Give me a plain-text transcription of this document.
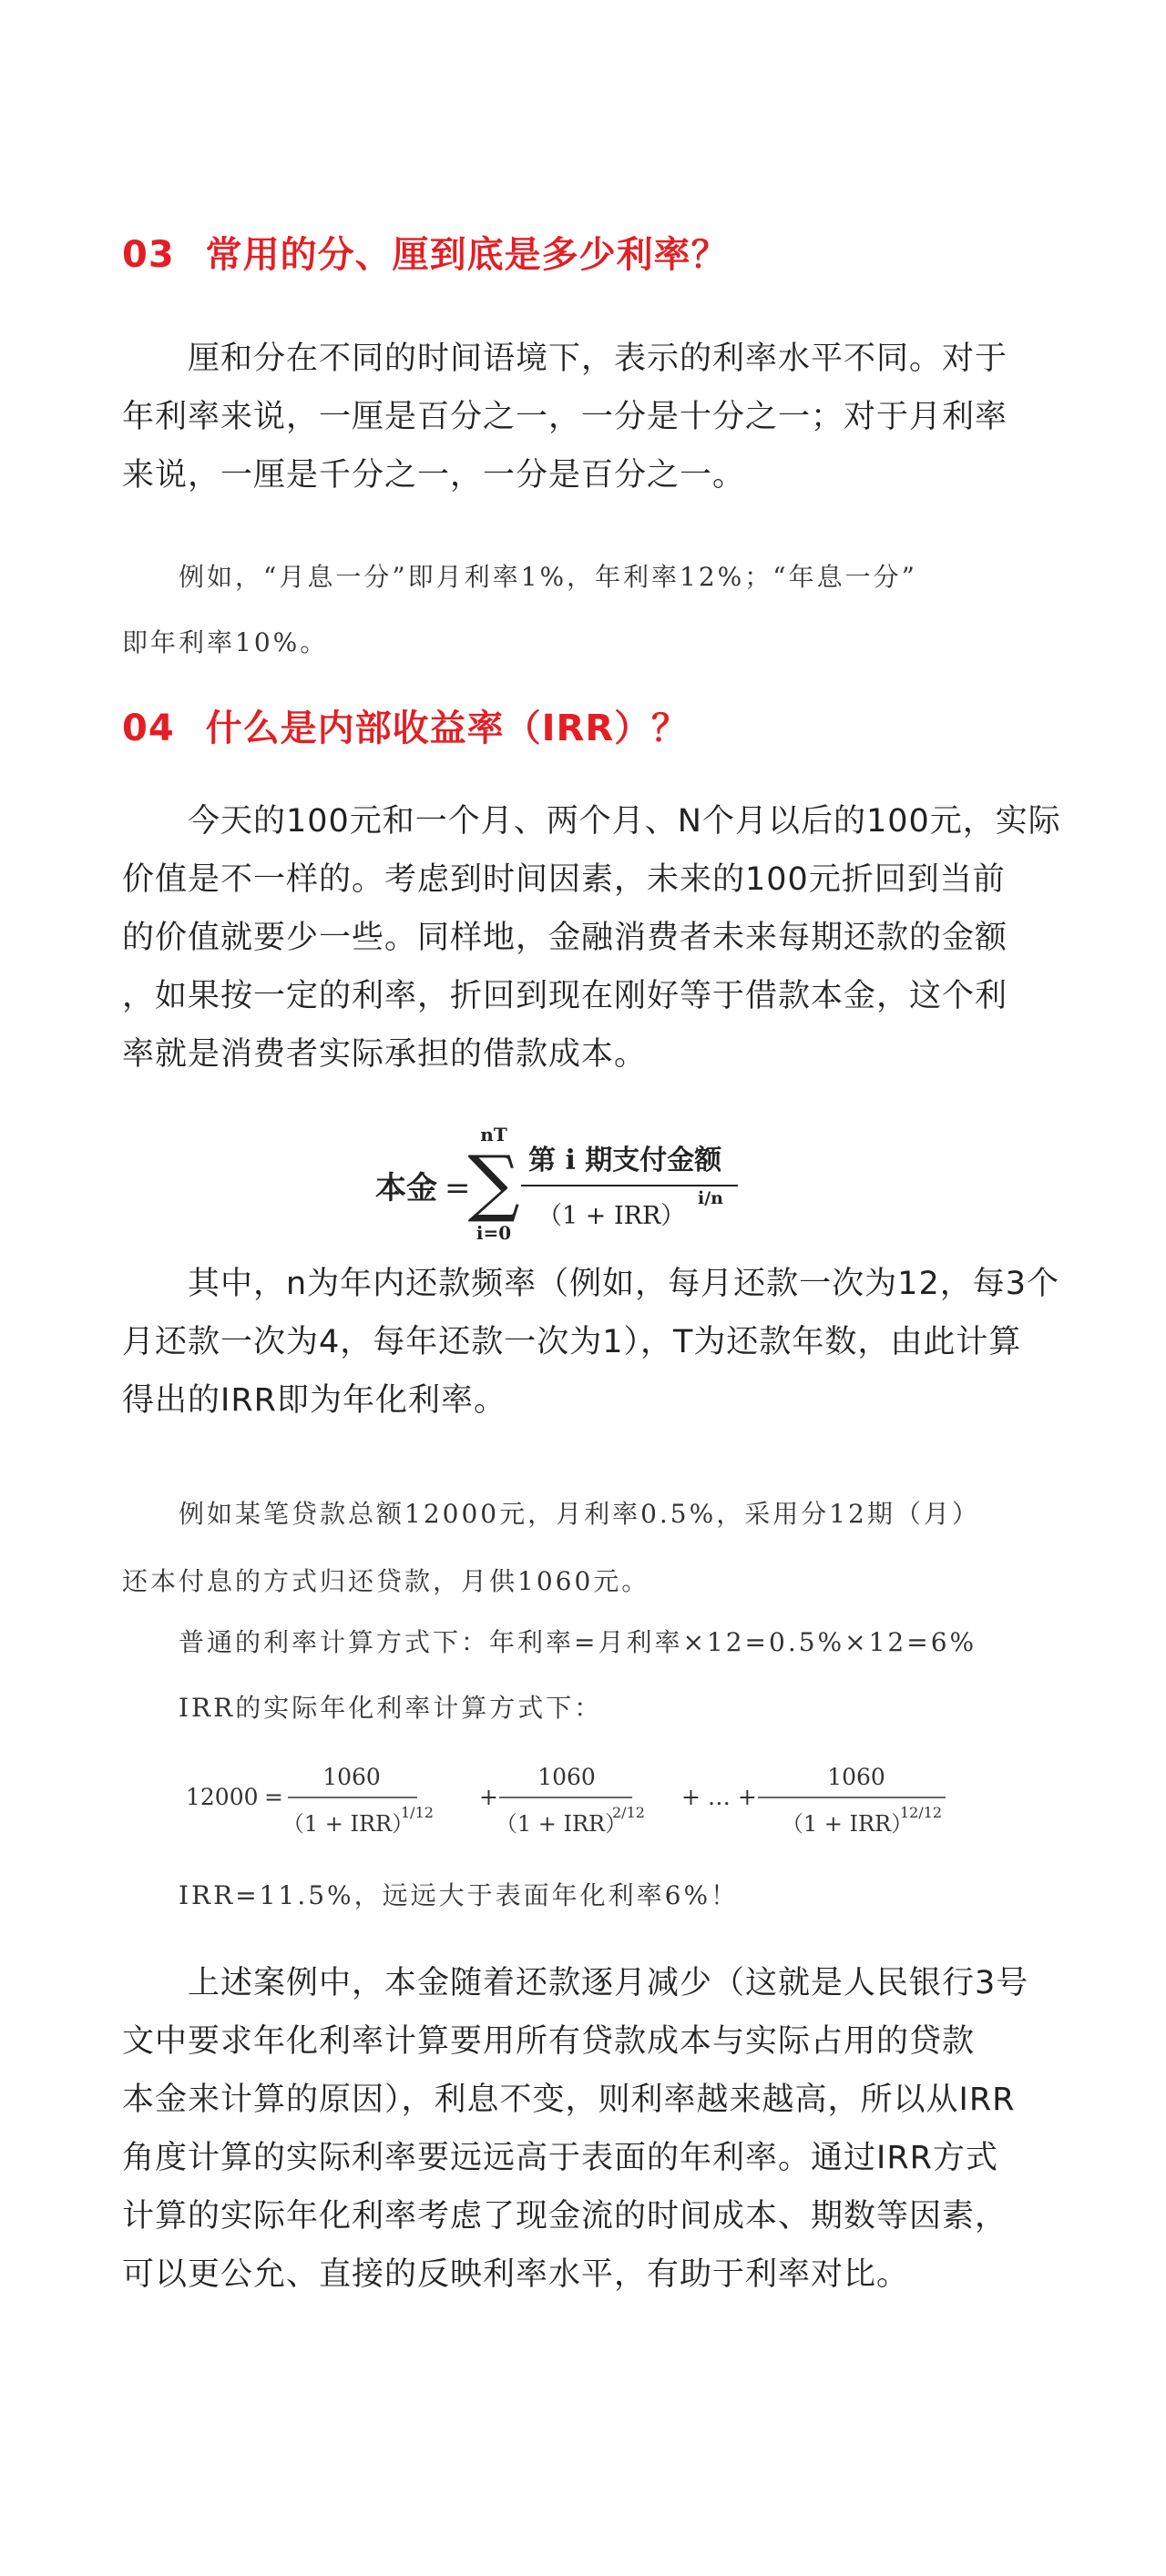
03 常用的分、厘到底是多少利率？
　　厘和分在不同的时间语境下，表示的利率水平不同。对于
年利率来说，一厘是百分之一，一分是十分之一；对于月利率
来说，一厘是千分之一，一分是百分之一。
　　例如，“月息一分”即月利率1%，年利率12%；“年息一分”
即年利率10%。
04 什么是内部收益率（IRR）？
　　今天的100元和一个月、两个月、N个月以后的100元，实际
价值是不一样的。考虑到时间因素，未来的100元折回到当前
的价值就要少一些。同样地，金融消费者未来每期还款的金额
，如果按一定的利率，折回到现在刚好等于借款本金，这个利
率就是消费者实际承担的借款成本。
本金 =
nT
∑
i=0
第 i 期支付金额
（1 + IRR）
i/n
　　其中，n为年内还款频率（例如，每月还款一次为12，每3个
月还款一次为4，每年还款一次为1），T为还款年数，由此计算
得出的IRR即为年化利率。
　　例如某笔贷款总额12000元，月利率0.5%，采用分12期（月）
还本付息的方式归还贷款，月供1060元。
　　普通的利率计算方式下：年利率=月利率×12=0.5%×12=6%
　　IRR的实际年化利率计算方式下：
12000 =
1060
（1 + IRR）
1/12
+
1060
（1 + IRR）
2/12
+ … +
1060
（1 + IRR）
12/12
　　IRR=11.5%，远远大于表面年化利率6%！
　　上述案例中，本金随着还款逐月减少（这就是人民银行3号
文中要求年化利率计算要用所有贷款成本与实际占用的贷款
本金来计算的原因），利息不变，则利率越来越高，所以从IRR
角度计算的实际利率要远远高于表面的年利率。通过IRR方式
计算的实际年化利率考虑了现金流的时间成本、期数等因素，
可以更公允、直接的反映利率水平，有助于利率对比。
